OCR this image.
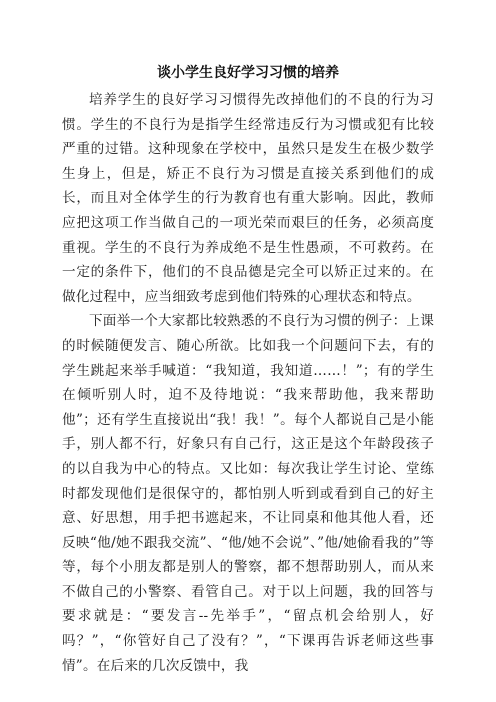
谈小学生良好学习习惯的培养

培养学生的良好学习习惯得先改掉他们的不良的行为习惯。学生的不良行为是指学生经常违反行为习惯或犯有比较严重的过错。这种现象在学校中，虽然只是发生在极少数学生身上，但是，矫正不良行为习惯是直接关系到他们的成长，而且对全体学生的行为教育也有重大影响。因此，教师应把这项工作当做自己的一项光荣而艰巨的任务，必须高度重视。学生的不良行为养成绝不是生性愚顽，不可救药。在一定的条件下，他们的不良品德是完全可以矫正过来的。在做化过程中，应当细致考虑到他们特殊的心理状态和特点。

下面举一个大家都比较熟悉的不良行为习惯的例子：上课的时候随便发言、随心所欲。比如我一个问题问下去，有的学生跳起来举手喊道：“我知道，我知道……！”；有的学生在倾听别人时，迫不及待地说：“我来帮助他，我来帮助他”；还有学生直接说出“我！我！”。每个人都说自己是小能手，别人都不行，好象只有自己行，这正是这个年龄段孩子的以自我为中心的特点。又比如：每次我让学生讨论、堂练时都发现他们是很保守的，都怕别人听到或看到自己的好主意、好思想，用手把书遮起来，不让同桌和他其他人看，还反映“他/她不跟我交流”、“他/她不会说”、”他/她偷看我的”等等，每个小朋友都是别人的警察，都不想帮助别人，而从来不做自己的小警察、看管自己。对于以上问题，我的回答与要求就是：“要发言--先举手”，“留点机会给别人，好吗？”，“你管好自己了没有？”，“下课再告诉老师这些事情”。在后来的几次反馈中，我
